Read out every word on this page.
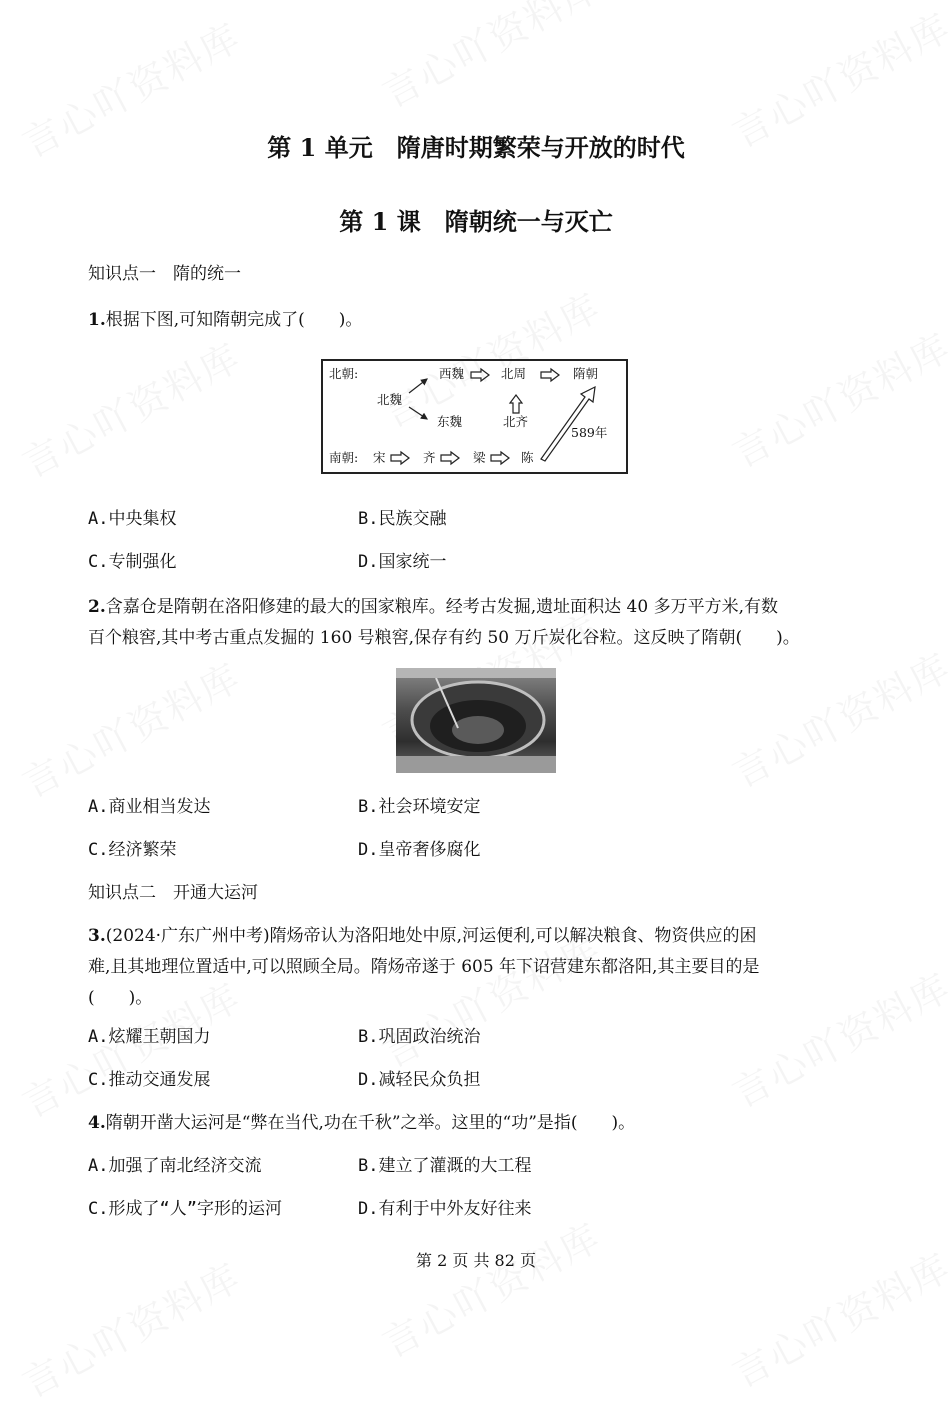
第 1 单元　隋唐时期繁荣与开放的时代
第 1 课　隋朝统一与灭亡
知识点一　隋的统一
1.根据下图,可知隋朝完成了(　　)。
北朝:	西魏	北周	隋朝
北魏
东魏	北齐
589年
南朝: 宋	齐	梁	陈
A.中央集权	B.民族交融
C.专制强化	D.国家统一
2.含嘉仓是隋朝在洛阳修建的最大的国家粮库。经考古发掘,遗址面积达 40 多万平方米,有数
百个粮窖,其中考古重点发掘的 160 号粮窖,保存有约 50 万斤炭化谷粒。这反映了隋朝(　　)。
A.商业相当发达	B.社会环境安定
C.经济繁荣	D.皇帝奢侈腐化
知识点二　开通大运河
3.(2024·广东广州中考)隋炀帝认为洛阳地处中原,河运便利,可以解决粮食、物资供应的困
难,且其地理位置适中,可以照顾全局。隋炀帝遂于 605 年下诏营建东都洛阳,其主要目的是
(　　)。
A.炫耀王朝国力	B.巩固政治统治
C.推动交通发展	D.减轻民众负担
4.隋朝开凿大运河是“弊在当代,功在千秋”之举。这里的“功”是指(　　)。
A.加强了南北经济交流	B.建立了灌溉的大工程
C.形成了“人”字形的运河	D.有利于中外友好往来
第 2 页 共 82 页
